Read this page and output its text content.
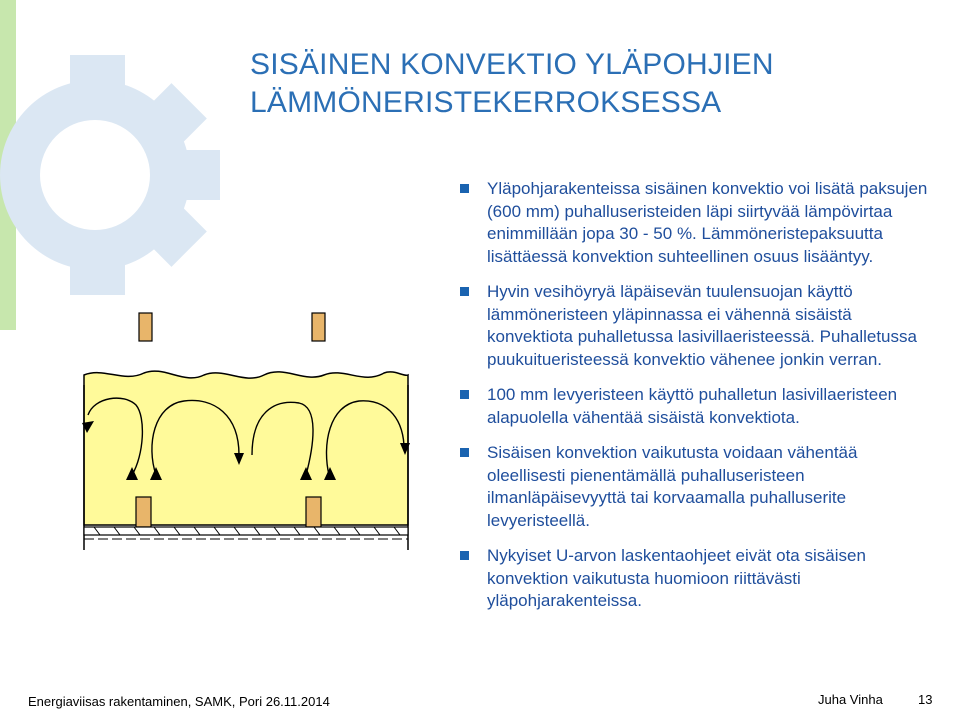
SISÄINEN KONVEKTIO YLÄPOHJIEN
LÄMMÖNERISTEKERROKSESSA
Yläpohjarakenteissa sisäinen konvektio voi lisätä paksujen (600 mm) puhalluseristeiden läpi siirtyvää lämpövirtaa enimmillään jopa 30 - 50 %. Lämmöneristepaksuutta lisättäessä konvektion suhteellinen osuus lisääntyy.
Hyvin vesihöyryä läpäisevän tuulensuojan käyttö lämmöneristeen yläpinnassa ei vähennä sisäistä konvektiota puhalletussa lasivillaeristeessä. Puhalletussa puukuitueristeessä konvektio vähenee jonkin verran.
100 mm levyeristeen käyttö puhalletun lasivillaeristeen alapuolella vähentää sisäistä konvektiota.
Sisäisen konvektion vaikutusta voidaan vähentää oleellisesti pienentämällä puhalluseristeen ilmanläpäisevyyttä tai korvaamalla puhalluserite levyeristeellä.
Nykyiset U-arvon laskentaohjeet eivät ota sisäisen konvektion vaikutusta huomioon riittävästi yläpohjarakenteissa.
Energiaviisas rakentaminen, SAMK, Pori 26.11.2014	Juha Vinha	13
